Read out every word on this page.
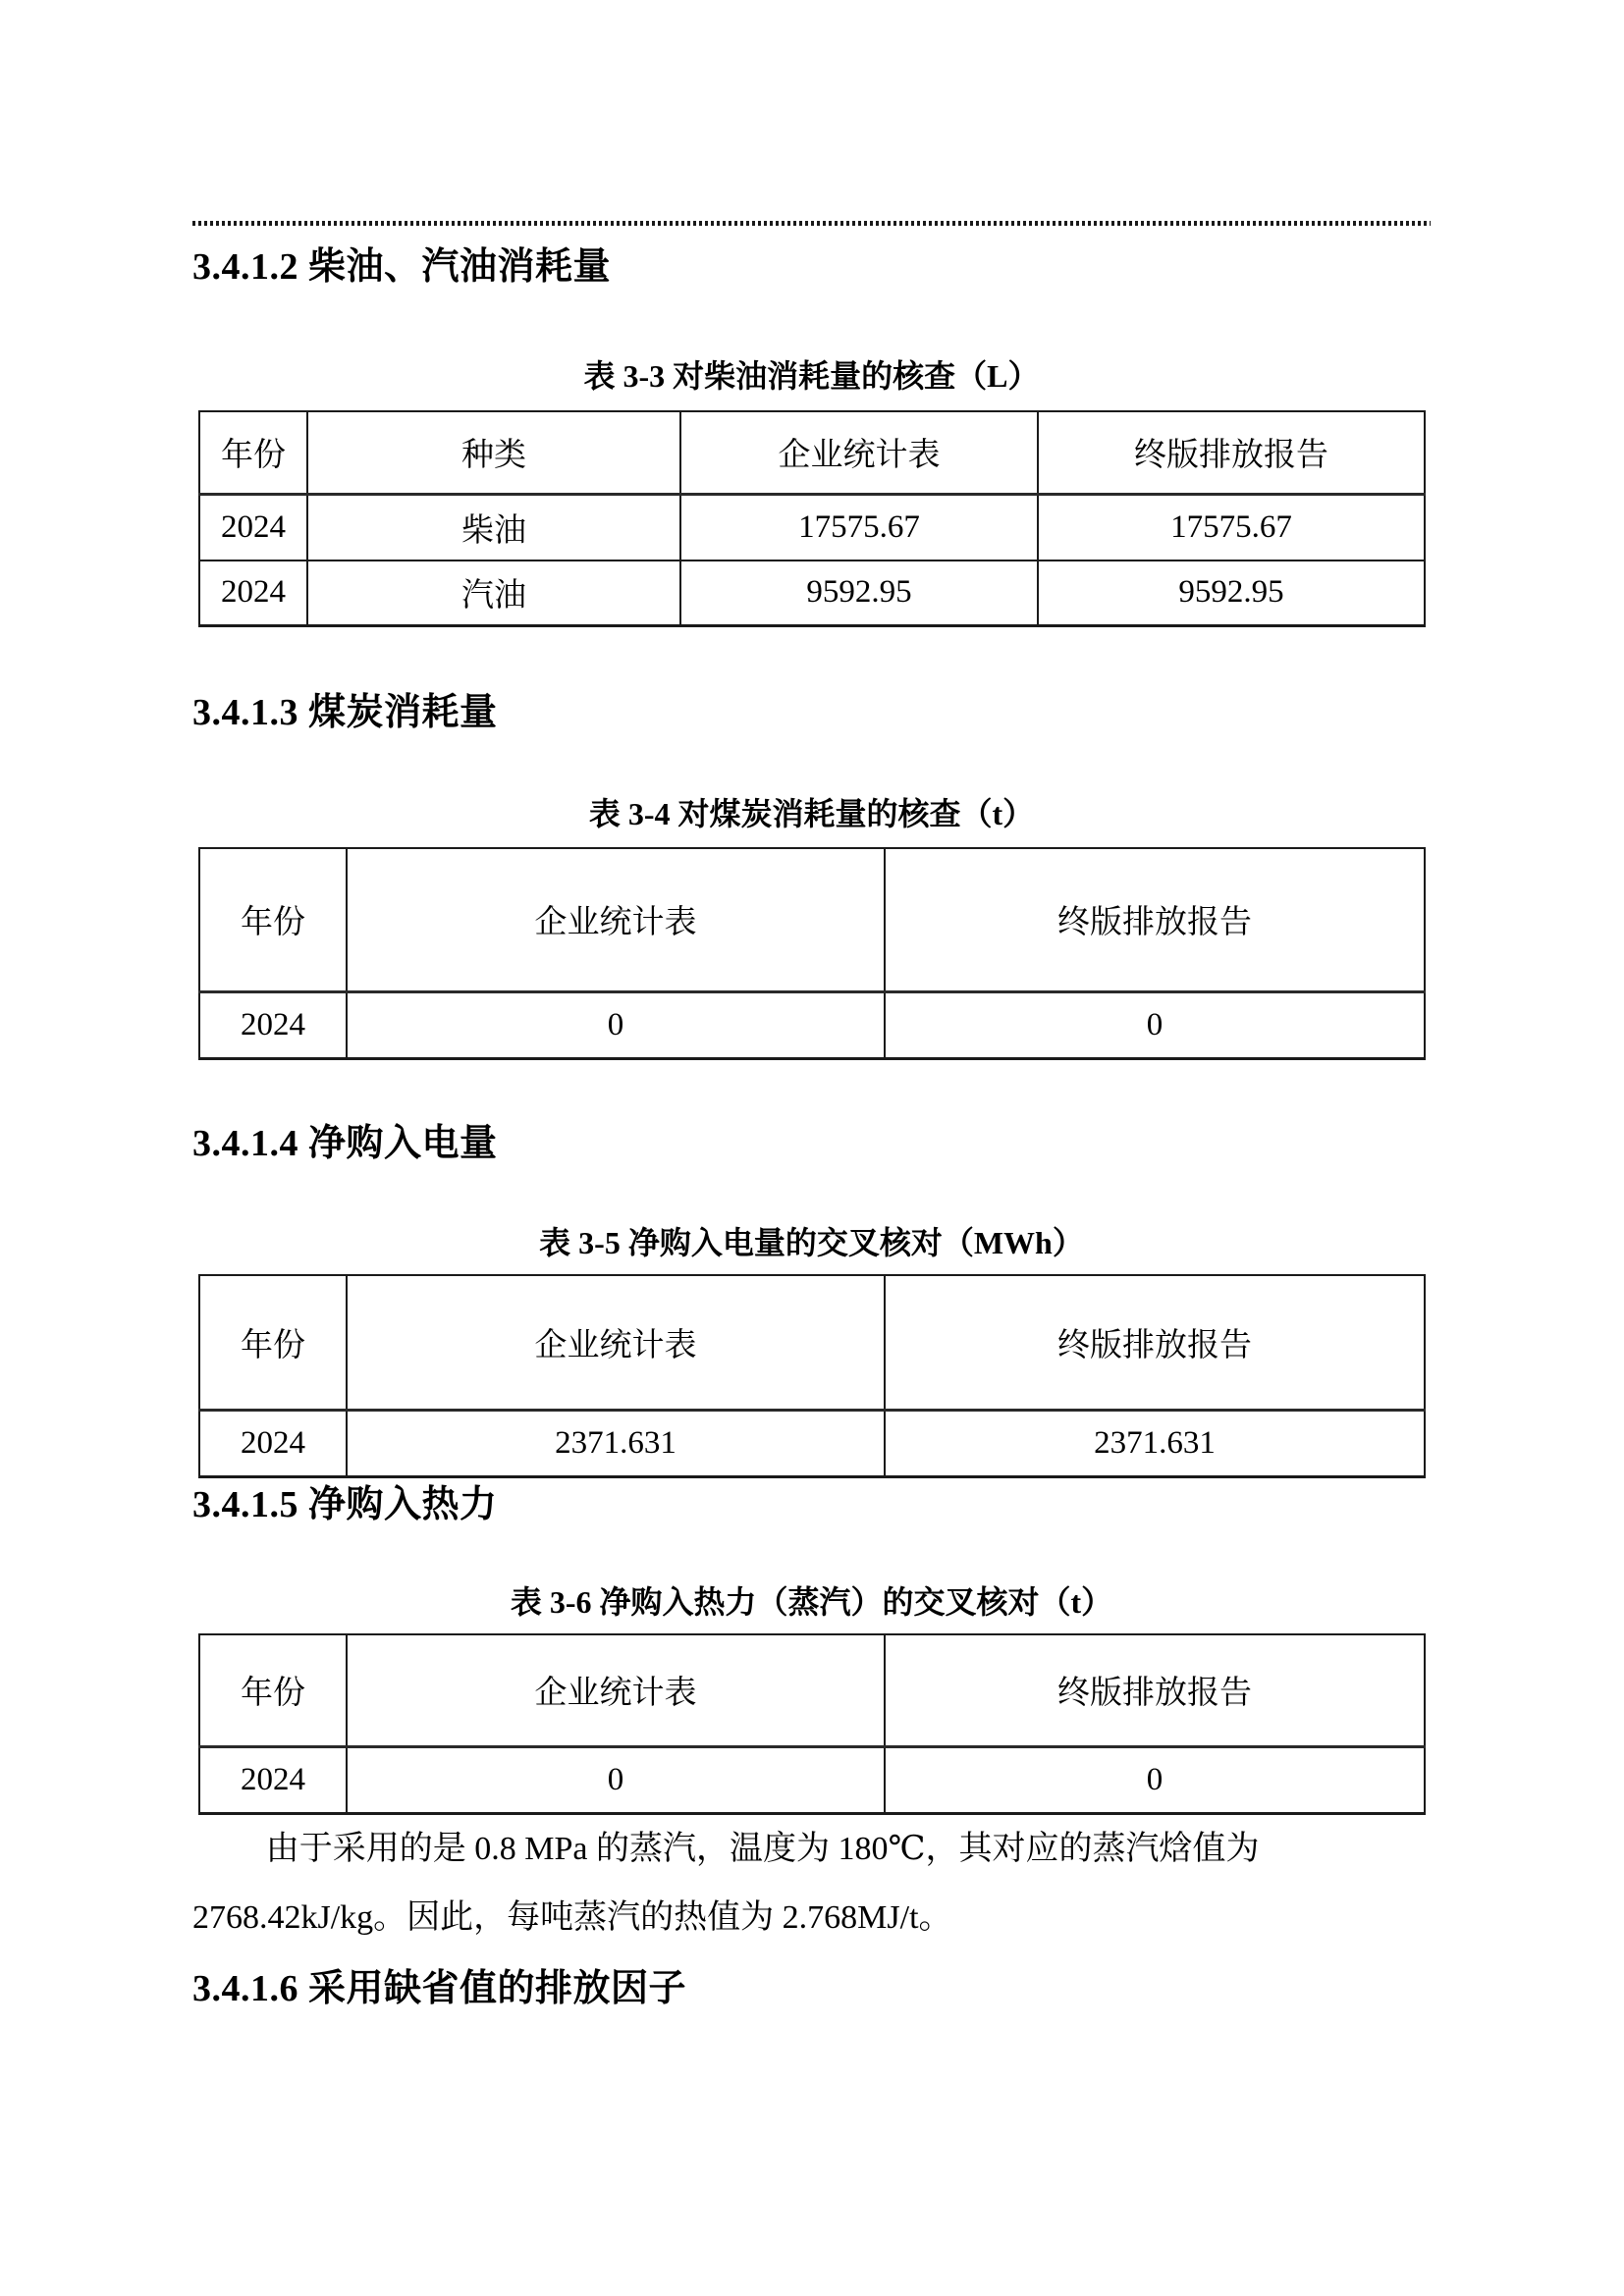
3.4.1.2 柴油、汽油消耗量
表 3-3 对柴油消耗量的核查（L）
年份	种类	企业统计表	终版排放报告
2024	柴油	17575.67	17575.67
2024	汽油	9592.95	9592.95
3.4.1.3 煤炭消耗量
表 3-4 对煤炭消耗量的核查（t）
年份	企业统计表	终版排放报告
2024	0	0
3.4.1.4 净购入电量
表 3-5 净购入电量的交叉核对（MWh）
年份	企业统计表	终版排放报告
2024	2371.631	2371.631
3.4.1.5 净购入热力
表 3-6 净购入热力（蒸汽）的交叉核对（t）
年份	企业统计表	终版排放报告
2024	0	0
由于采用的是 0.8 MPa 的蒸汽，温度为 180℃，其对应的蒸汽焓值为
2768.42kJ/kg。因此，每吨蒸汽的热值为 2.768MJ/t。
3.4.1.6 采用缺省值的排放因子
